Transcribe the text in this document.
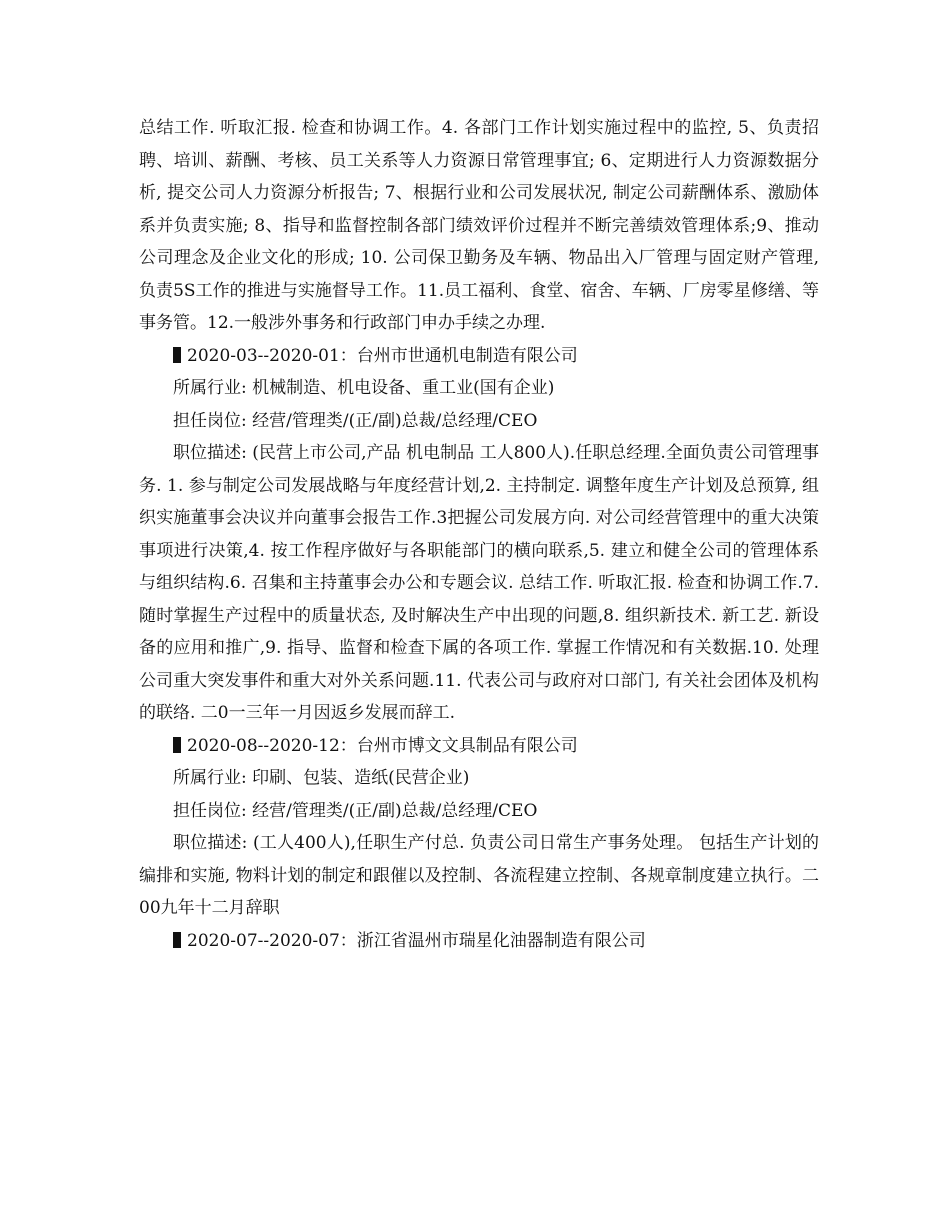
总结工作. 听取汇报. 检查和协调工作。4. 各部门工作计划实施过程中的监控, 5、负责招聘、培训、薪酬、考核、员工关系等人力资源日常管理事宜; 6、定期进行人力资源数据分析, 提交公司人力资源分析报告; 7、根据行业和公司发展状况, 制定公司薪酬体系、激励体系并负责实施; 8、指导和监督控制各部门绩效评价过程并不断完善绩效管理体系;9、推动公司理念及企业文化的形成; 10. 公司保卫勤务及车辆、物品出入厂管理与固定财产管理, 负责5S工作的推进与实施督导工作。11.员工福利、食堂、宿舍、车辆、厂房零星修缮、等事务管。12.一般涉外事务和行政部门申办手续之办理.

2020-03--2020-01：台州市世通机电制造有限公司

所属行业: 机械制造、机电设备、重工业(国有企业)

担任岗位: 经营/管理类/(正/副)总裁/总经理/CEO

职位描述: (民营上市公司,产品 机电制品 工人800人).任职总经理.全面负责公司管理事务. 1. 参与制定公司发展战略与年度经营计划,2. 主持制定. 调整年度生产计划及总预算, 组织实施董事会决议并向董事会报告工作.3把握公司发展方向. 对公司经营管理中的重大决策事项进行决策,4. 按工作程序做好与各职能部门的横向联系,5. 建立和健全公司的管理体系与组织结构.6. 召集和主持董事会办公和专题会议. 总结工作. 听取汇报. 检查和协调工作.7. 随时掌握生产过程中的质量状态, 及时解决生产中出现的问题,8. 组织新技术. 新工艺. 新设备的应用和推广,9. 指导、监督和检查下属的各项工作. 掌握工作情况和有关数据.10. 处理公司重大突发事件和重大对外关系问题.11. 代表公司与政府对口部门, 有关社会团体及机构的联络. 二0一三年一月因返乡发展而辞工.

2020-08--2020-12：台州市博文文具制品有限公司

所属行业: 印刷、包装、造纸(民营企业)

担任岗位: 经营/管理类/(正/副)总裁/总经理/CEO

职位描述: (工人400人),任职生产付总. 负责公司日常生产事务处理。 包括生产计划的编排和实施, 物料计划的制定和跟催以及控制、各流程建立控制、各规章制度建立执行。二00九年十二月辞职

2020-07--2020-07：浙江省温州市瑞星化油器制造有限公司
